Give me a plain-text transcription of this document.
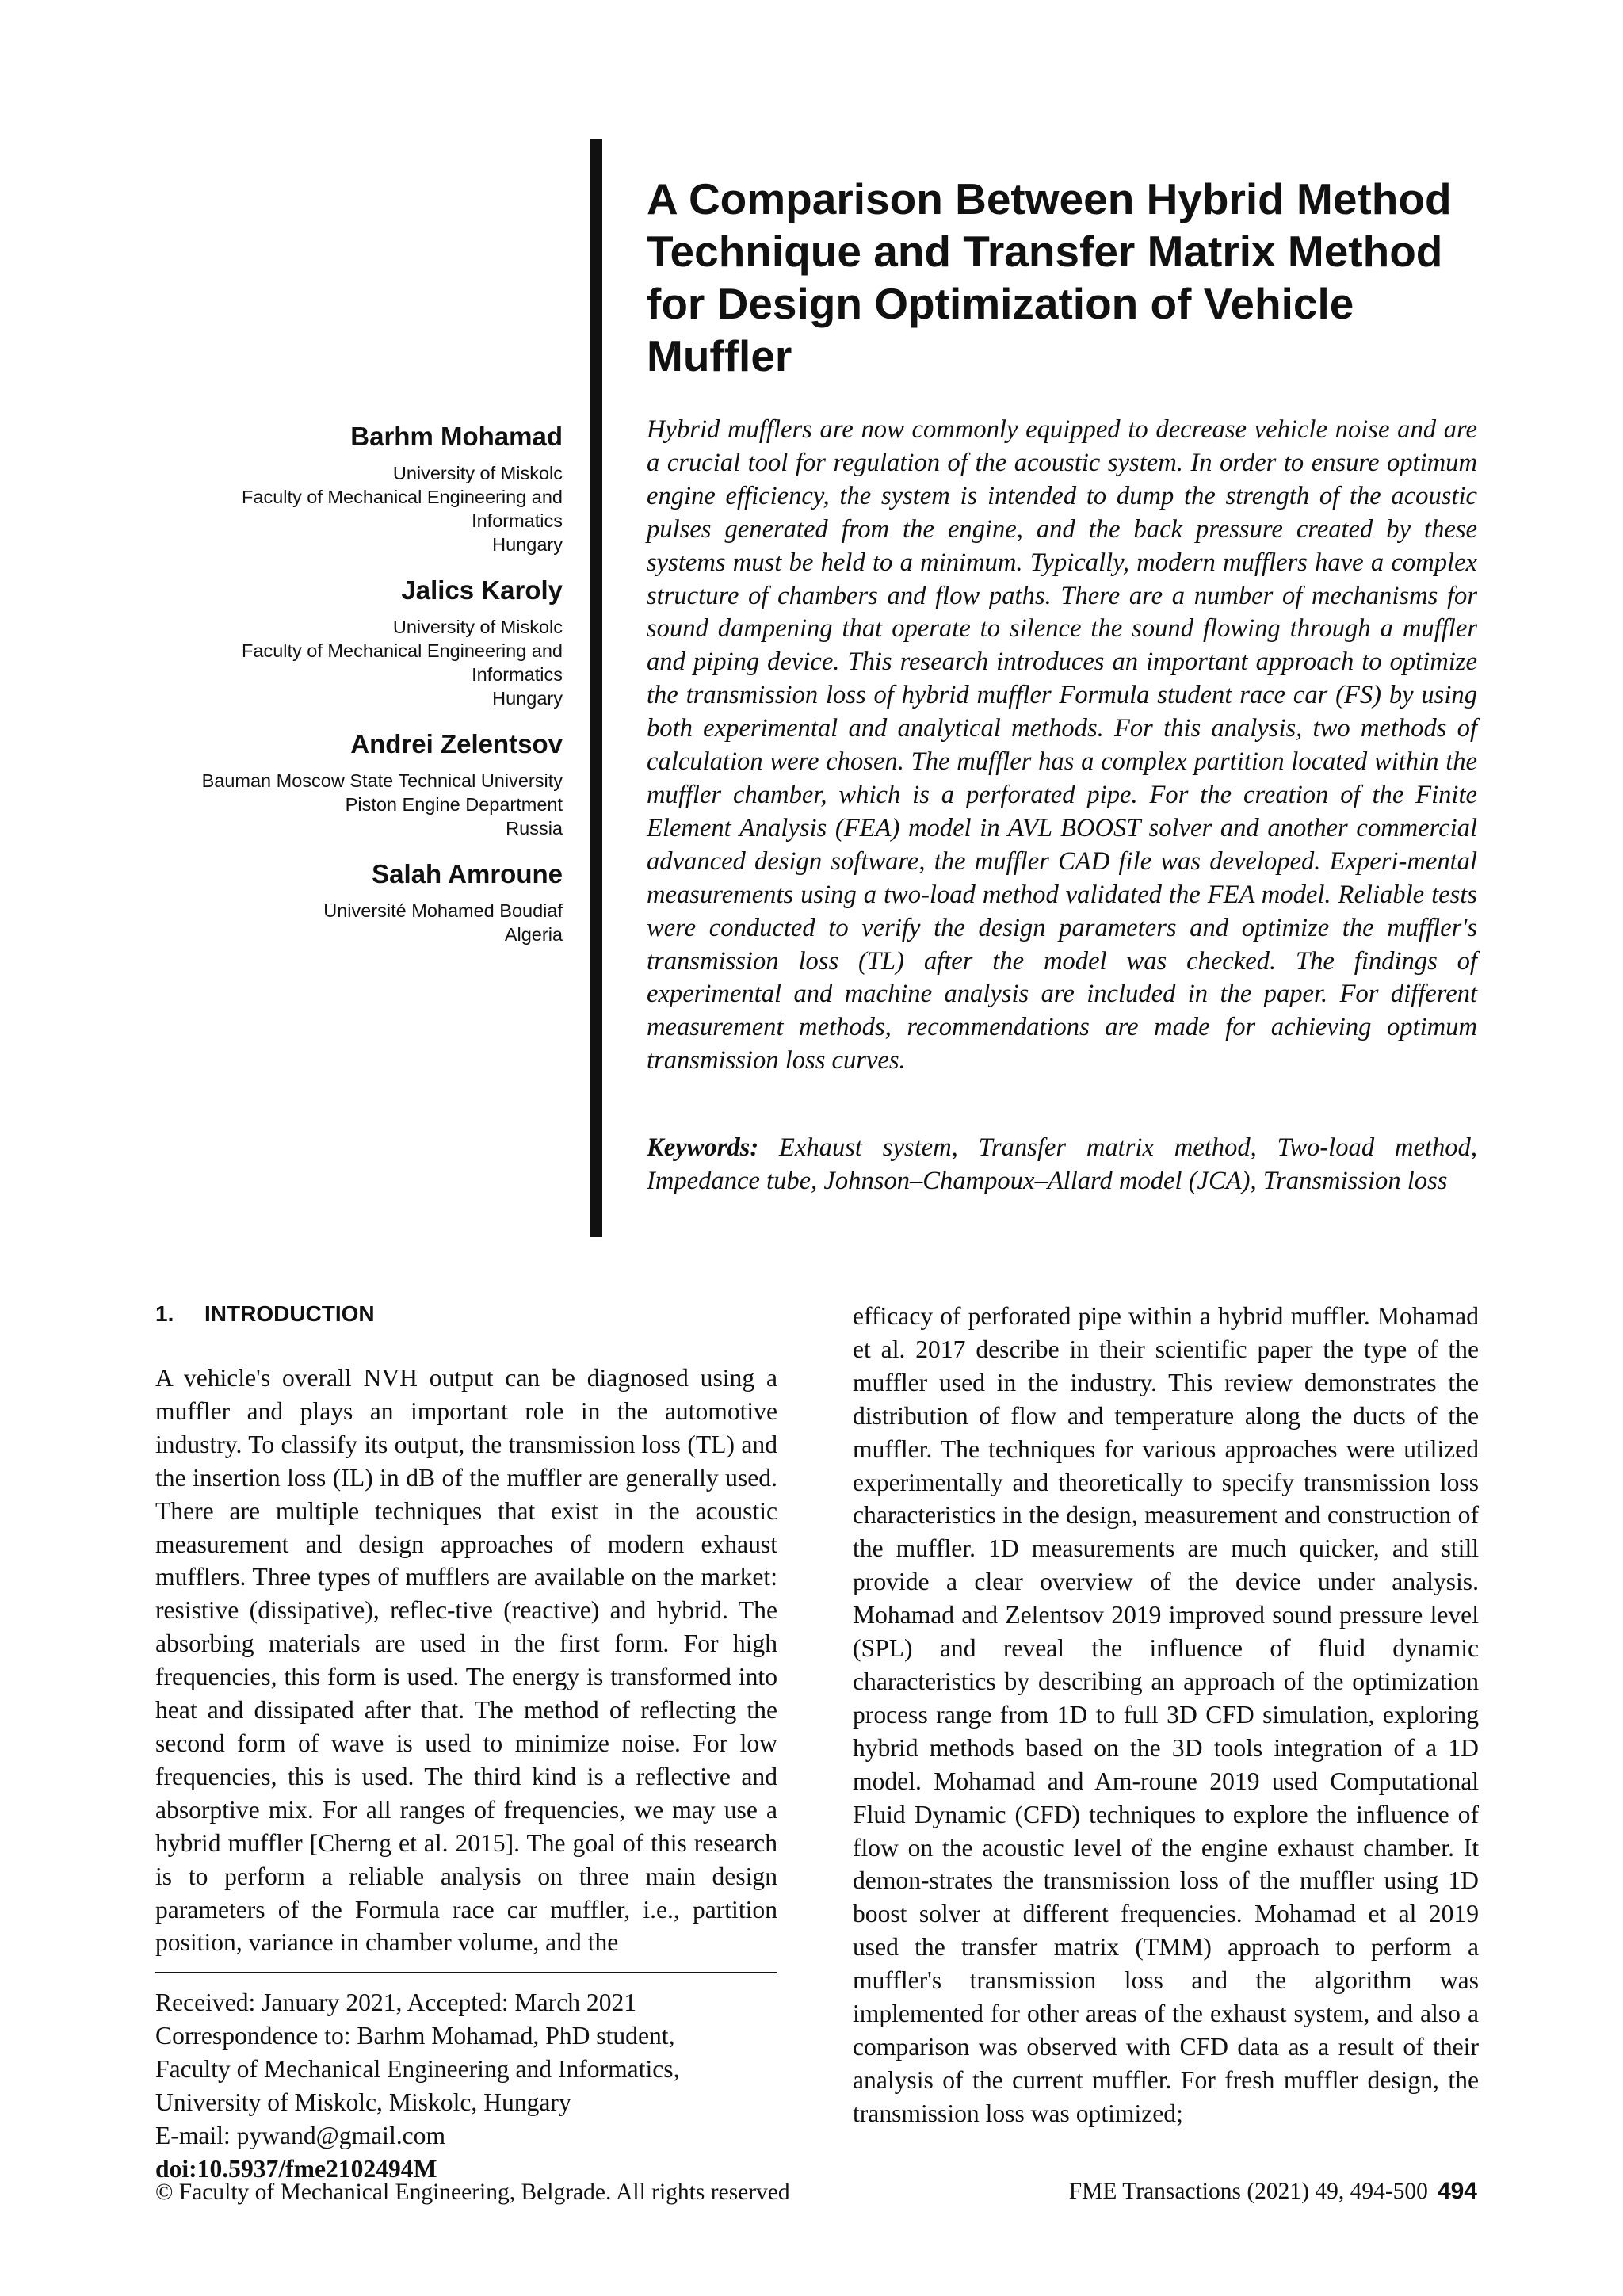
A Comparison Between Hybrid Method Technique and Transfer Matrix Method for Design Optimization of Vehicle Muffler
Barhm Mohamad
University of Miskolc
Faculty of Mechanical Engineering and
Informatics
Hungary
Jalics Karoly
University of Miskolc
Faculty of Mechanical Engineering and
Informatics
Hungary
Andrei Zelentsov
Bauman Moscow State Technical University
Piston Engine Department
Russia
Salah Amroune
Université Mohamed Boudiaf
Algeria

Hybrid mufflers are now commonly equipped to decrease vehicle noise and are a crucial tool for regulation of the acoustic system. In order to ensure optimum engine efficiency, the system is intended to dump the strength of the acoustic pulses generated from the engine, and the back pressure created by these systems must be held to a minimum. Typically, modern mufflers have a complex structure of chambers and flow paths. There are a number of mechanisms for sound dampening that operate to silence the sound flowing through a muffler and piping device. This research introduces an important approach to optimize the transmission loss of hybrid muffler Formula student race car (FS) by using both experimental and analytical methods. For this analysis, two methods of calculation were chosen. The muffler has a complex partition located within the muffler chamber, which is a perforated pipe. For the creation of the Finite Element Analysis (FEA) model in AVL BOOST solver and another commercial advanced design software, the muffler CAD file was developed. Experi-mental measurements using a two-load method validated the FEA model. Reliable tests were conducted to verify the design parameters and optimize the muffler's transmission loss (TL) after the model was checked. The findings of experimental and machine analysis are included in the paper. For different measurement methods, recommendations are made for achieving optimum transmission loss curves.

Keywords: Exhaust system, Transfer matrix method, Two-load method, Impedance tube, Johnson–Champoux–Allard model (JCA), Transmission loss

1. INTRODUCTION

A vehicle's overall NVH output can be diagnosed using a muffler and plays an important role in the automotive industry. To classify its output, the transmission loss (TL) and the insertion loss (IL) in dB of the muffler are generally used. There are multiple techniques that exist in the acoustic measurement and design approaches of modern exhaust mufflers. Three types of mufflers are available on the market: resistive (dissipative), reflec-tive (reactive) and hybrid. The absorbing materials are used in the first form. For high frequencies, this form is used. The energy is transformed into heat and dissipated after that. The method of reflecting the second form of wave is used to minimize noise. For low frequencies, this is used. The third kind is a reflective and absorptive mix. For all ranges of frequencies, we may use a hybrid muffler [Cherng et al. 2015]. The goal of this research is to perform a reliable analysis on three main design parameters of the Formula race car muffler, i.e., partition position, variance in chamber volume, and the

efficacy of perforated pipe within a hybrid muffler. Mohamad et al. 2017 describe in their scientific paper the type of the muffler used in the industry. This review demonstrates the distribution of flow and temperature along the ducts of the muffler. The techniques for various approaches were utilized experimentally and theoretically to specify transmission loss characteristics in the design, measurement and construction of the muffler. 1D measurements are much quicker, and still provide a clear overview of the device under analysis. Mohamad and Zelentsov 2019 improved sound pressure level (SPL) and reveal the influence of fluid dynamic characteristics by describing an approach of the optimization process range from 1D to full 3D CFD simulation, exploring hybrid methods based on the 3D tools integration of a 1D model. Mohamad and Am-roune 2019 used Computational Fluid Dynamic (CFD) techniques to explore the influence of flow on the acoustic level of the engine exhaust chamber. It demon-strates the transmission loss of the muffler using 1D boost solver at different frequencies. Mohamad et al 2019 used the transfer matrix (TMM) approach to perform a muffler's transmission loss and the algorithm was implemented for other areas of the exhaust system, and also a comparison was observed with CFD data as a result of their analysis of the current muffler. For fresh muffler design, the transmission loss was optimized;

Received: January 2021, Accepted: March 2021
Correspondence to: Barhm Mohamad, PhD student,
Faculty of Mechanical Engineering and Informatics,
University of Miskolc, Miskolc, Hungary
E-mail: pywand@gmail.com
doi:10.5937/fme2102494M
© Faculty of Mechanical Engineering, Belgrade. All rights reserved	FME Transactions (2021) 49, 494-500 494
